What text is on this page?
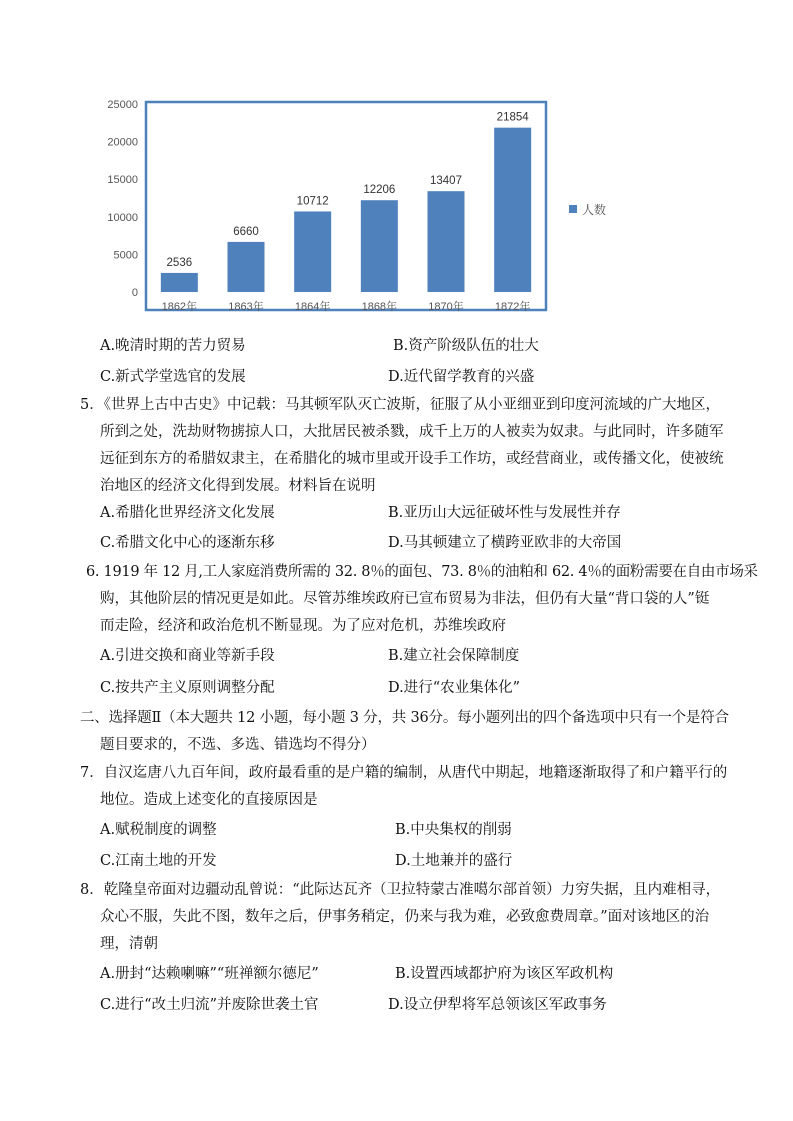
0
5000
10000
15000
20000
25000
2536
1862年
6660
1863年
10712
1864年
12206
1868年
13407
1870年
21854
1872年
人数
A.晚清时期的苦力贸易	B.资产阶级队伍的壮大
C.新式学堂选官的发展	D.近代留学教育的兴盛
5．《世界上古中古史》中记载：马其顿军队灭亡波斯，征服了从小亚细亚到印度河流域的广大地区，
所到之处，洗劫财物掳掠人口，大批居民被杀戮，成千上万的人被卖为奴隶。与此同时，许多随军
远征到东方的希腊奴隶主，在希腊化的城市里或开设手工作坊，或经营商业，或传播文化，使被统
治地区的经济文化得到发展。材料旨在说明
A.希腊化世界经济文化发展	B.亚历山大远征破坏性与发展性并存
C.希腊文化中心的逐渐东移	D.马其顿建立了横跨亚欧非的大帝国
6. 1919 年 12 月,工人家庭消费所需的 32. 8％的面包、73. 8％的油粕和 62. 4％的面粉需要在自由市场采
购，其他阶层的情况更是如此。尽管苏维埃政府已宣布贸易为非法，但仍有大量“背口袋的人”铤
而走险，经济和政治危机不断显现。为了应对危机，苏维埃政府
A.引进交换和商业等新手段	B.建立社会保障制度
C.按共产主义原则调整分配	D.进行“农业集体化”
二、选择题Ⅱ（本大题共 12 小题，每小题 3 分，共 36分。每小题列出的四个备选项中只有一个是符合
题目要求的，不选、多选、错选均不得分）
7．自汉迄唐八九百年间，政府最看重的是户籍的编制，从唐代中期起，地籍逐渐取得了和户籍平行的
地位。造成上述变化的直接原因是
A.赋税制度的调整	B.中央集权的削弱
C.江南土地的开发	D.土地兼并的盛行
8．乾隆皇帝面对边疆动乱曾说：“此际达瓦齐（卫拉特蒙古准噶尔部首领）力穷失据，且内难相寻，
众心不服，失此不图，数年之后，伊事务稍定，仍来与我为难，必致愈费周章。”面对该地区的治
理，清朝
A.册封“达赖喇嘛”“班禅额尔德尼”	B.设置西域都护府为该区军政机构
C.进行“改土归流”并废除世袭土官	D.设立伊犁将军总领该区军政事务
